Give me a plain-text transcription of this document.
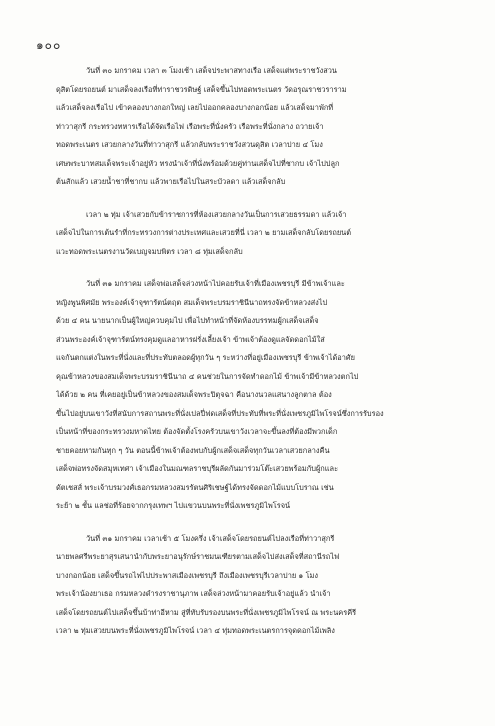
๑๐๐
วันที่ ๓๐ มกราคม เวลา ๓ โมงเช้า เสด็จประพาสทางเรือ เสด็จแต่พระราชวังสวน
ดุสิตโดยรถยนต์ มาเสด็จลงเรือที่ท่าราชวรดิษฐ์ เสด็จขึ้นไปทอดพระเนตร วัดอรุณราชวราราม
แล้วเสด็จลงเรือไป เข้าคลองบางกอกใหญ่ เลยไปออกคลองบางกอกน้อย แล้วเสด็จมาพักที่
ท่าวาสุกรี กระทรวงทหารเรือได้จัดเรือไฟ เรือพระที่นั่งครัว เรือพระที่นั่งกลาง ถวายเจ้า
ทอดพระเนตร เสวยกลางวันที่ท่าวาสุกรี แล้วกลับพระราชวังสวนดุสิต เวลาบ่าย ๔ โมง
เศษพระบาทสมเด็จพระเจ้าอยู่หัว ทรงนำเจ้าที่นั่งพร้อมด้วยคู่ท่านเสด็จไปที่ชากบ เจ้าไปปลูก
ต้นสักแล้ว เสวยน้ำชาที่ชากบ แล้วพายเรือไปในสระบัวลดา แล้วเสด็จกลับ
เวลา ๒ ทุ่ม เจ้าเสวยกับข้าราชการที่ห้องเสวยกลางวันเป็นการเสวยธรรมดา แล้วเจ้า
เสด็จไปในการเต้นรำที่กระทรวงการต่างประเทศและเสวยที่นี่ เวลา ๒ ยามเสด็จกลับโดยรถยนต์
แวะทอดพระเนตรงานวัดเบญจมบพิตร เวลา ๘ ทุ่มเสด็จกลับ
วันที่ ๓๑ มกราคม เสด็จพ่อเสด็จล่วงหน้าไปคอยรับเจ้าที่เมืองเพชรบุรี มีข้าพเจ้าและ
หญิงพูนพิศมัย พระองค์เจ้าจุฑารัตน์ตฤต สมเด็จพระบรมราชินีนาถทรงจัดข้าหลวงส่งไป
ด้วย ๔ คน นายนากเป็นผู้ใหญ่ควบคุมไป เพื่อไปทำหน้าที่จัดห้องบรรทมผู้กเสด็จเสด็จ
ส่วนพระองค์เจ้าจุฑารัตน์ทรงคุมดูแลอาหารฝรั่งเลี้ยงเจ้า ข้าพเจ้าต้องดูแลจัดดอกไม้ใส่
แจกันตกแต่งในพระที่นั่งและที่ประทับตลอดผู้ทุกวัน ๆ ระหว่างที่อยู่เมืองเพชรบุรี ข้าพเจ้าได้อาศัย
คุณข้าหลวงของสมเด็จพระบรมราชินีนาถ ๔ คนช่วยในการจัดทำดอกไม้ ข้าพเจ้ามีข้าหลวงตกไป
ได้ด้วย ๒ คน ที่เคยอยู่เป็นข้าหลวงของสมเด็จพระปิตุจฉา คือนางนวลแสนางลูกตาล ต้อง
ขึ้นไปอยู่บนเขาวังที่สนับการสถานพระที่นั่งเปลปี่ฟดเสด็จที่ประทับที่พระที่นั่งเพชรภูมิไพโรจน์ซึ่งการรับรอง
เป็นหน้าที่ของกระทรวงมหาดไทย ต้องจัดตั้งโรงครัวบนเขาวังเวลาจะขึ้นลงที่ต้องมีพวกเด็ก
ชายคอยหามกันทุก ๆ วัน ตอนนี้ข้าพเจ้าต้องพบกับผู้กเสด็จเสด็จทุกวันเวลาเสวยกลางคืน
เสด็จพ่อทรงจัดสมุหเทศา เจ้าเมืองในมณฑลราชบุรีผลัดกันมาร่วมโต๊ะเสวยพร้อมกับผู้กและ
ดัตเชสส์ พระเจ้าบรมวงศ์เธอกรมหลวงสมรรัตนศิริเชษฐ์ได้ทรงจัดดอกไม้แบบโบราณ เช่น
ระย้า ๒ ชั้น แลช่อที่ร้อยจากกรุงเทพฯ ไปแขวนบนพระที่นั่งเพชรภูมิไพโรจน์
วันที่ ๓๑ มกราคม เวลาเช้า ๕ โมงครึ่ง เจ้าเสด็จโดยรถยนต์ไปลงเรือที่ท่าวาสุกรี
นายพลศรีพระยาสุรเสนานำกับพระยาอนุรักษ์ราชมนเฑียรตามเสด็จไปส่งเสด็จที่สถานีรถไฟ
บางกอกน้อย เสด็จขึ้นรถไฟไปประพาสเมืองเพชรบุรี ถึงเมืองเพชรบุรีเวลาบ่าย ๑ โมง
พระเจ้าน้องยาเธอ กรมหลวงดำรงราชานุภาพ เสด็จล่วงหน้ามาคอยรับเจ้าอยู่แล้ว นำเจ้า
เสด็จโดยรถยนต์ไปเสด็จขึ้นบ้าท่าอีหาม สู่ที่ทับรับรองบนพระที่นั่งเพชรภูมิไพโรจน์ ณ พระนครคีรี
เวลา ๒ ทุ่มเสวยบนพระที่นั่งเพชรภูมิไพโรจน์ เวลา ๔ ทุ่มทอดพระเนตรการจุดดอกไม้เพลิง
